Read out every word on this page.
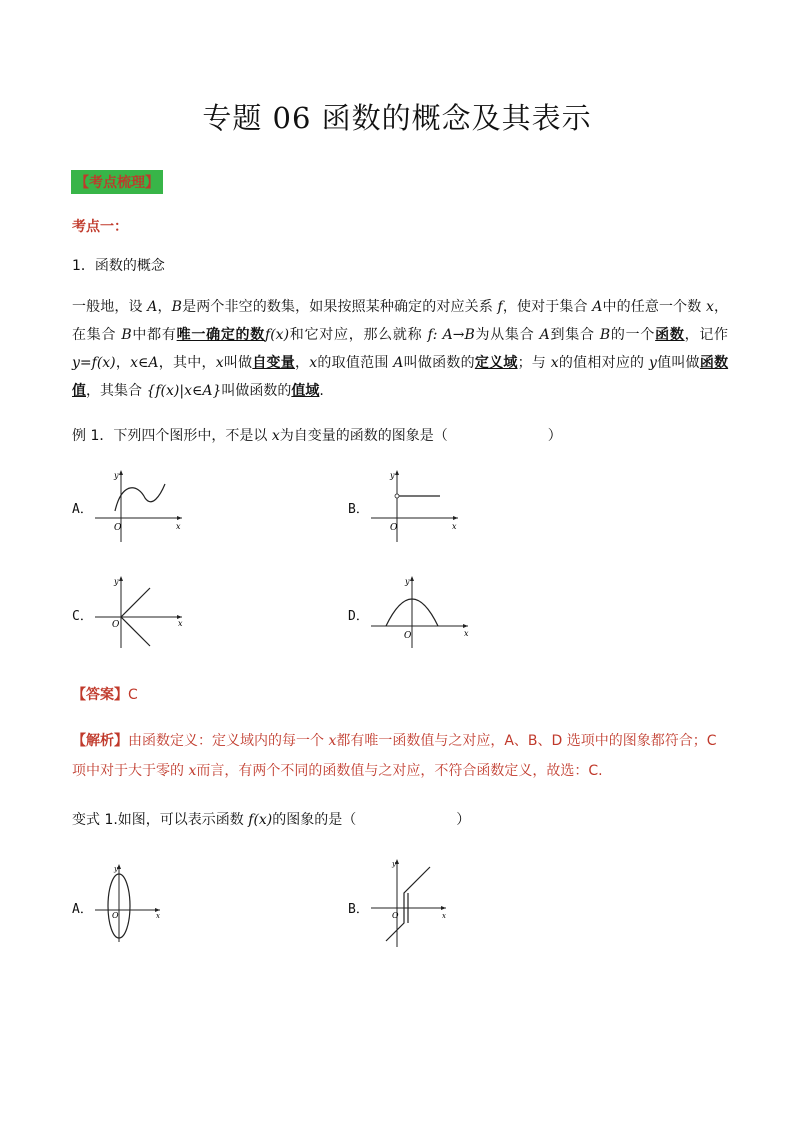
专题 06 函数的概念及其表示
【考点梳理】
考点一：
1．函数的概念
一般地，设 A，B是两个非空的数集，如果按照某种确定的对应关系 f，使对于集合 A中的任意一个数 x，在集合 B中都有唯一确定的数f(x)和它对应，那么就称 f: A→B为从集合 A到集合 B的一个函数，记作 y=f(x)，x∈A，其中，x叫做自变量，x的取值范围 A叫做函数的定义域；与 x的值相对应的 y值叫做函数值，其集合 {f(x)|x∈A}叫做函数的值域.
例 1．下列四个图形中，不是以 x为自变量的函数的图象是（	）
A．
O	x
y
B．
O	x
y
C．
O	x
y
D．
O	x
y
【答案】C
【解析】由函数定义：定义域内的每一个 x都有唯一函数值与之对应，A、B、D 选项中的图象都符合；C 项中对于大于零的 x而言，有两个不同的函数值与之对应，不符合函数定义，故选：C.
变式 1.如图，可以表示函数 f(x)的图象的是（	）
A． O	x
y
B．	O	x
y
